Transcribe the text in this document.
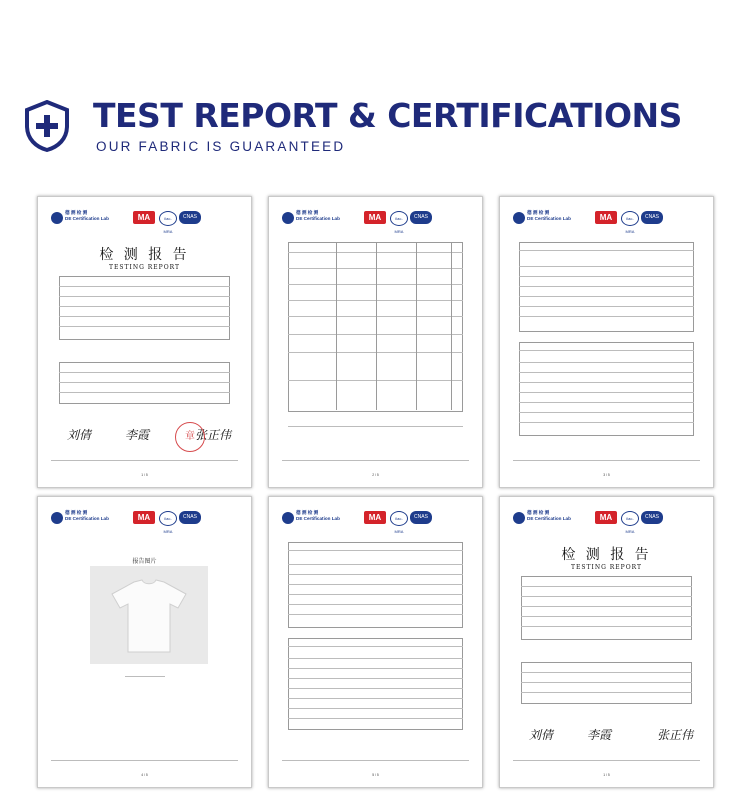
TEST REPORT & CERTIFICATIONS
OUR FABRIC IS GUARANTEED
德 测 检 测
DE Certification Lab	MA	ilac-MRA
CNAS
检 测 报 告
TESTING REPORT
刘倩	李霞	张正伟
章
1 / 5
德 测 检 测
DE Certification Lab	MA	ilac-MRA
CNAS
2 / 5
德 测 检 测
DE Certification Lab	MA	ilac-MRA
CNAS
3 / 5
德 测 检 测
DE Certification Lab	MA	ilac-MRA
CNAS
报告图片
4 / 5
德 测 检 测
DE Certification Lab	MA	ilac-MRA
CNAS
5 / 5
德 测 检 测
DE Certification Lab	MA	ilac-MRA
CNAS
检 测 报 告
TESTING REPORT
刘倩	李霞	张正伟
1 / 5
